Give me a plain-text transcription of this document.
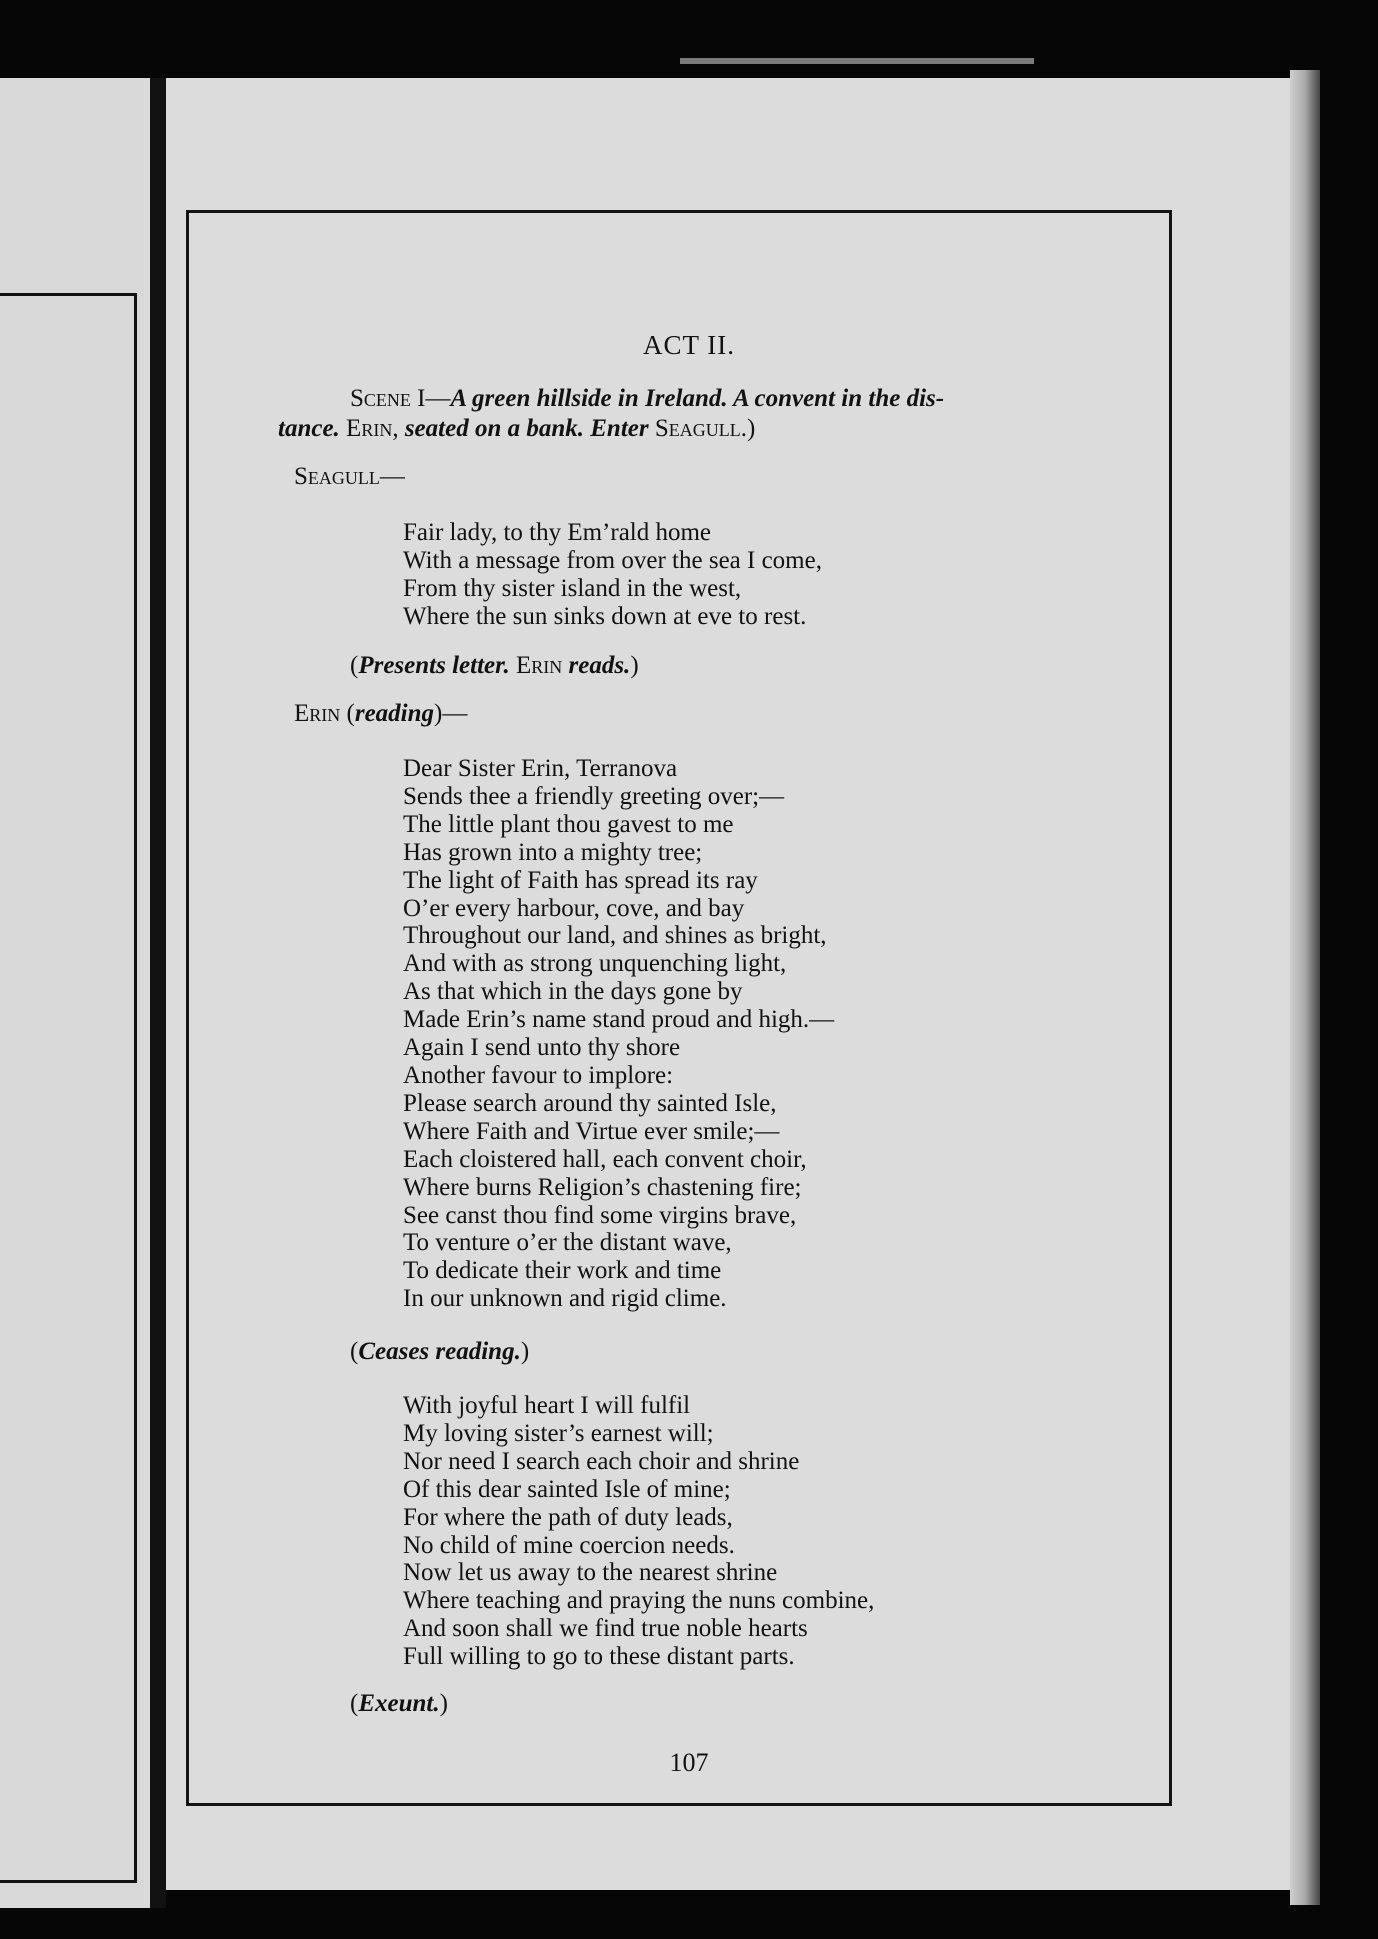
ACT II.
Scene I—A green hillside in Ireland. A convent in the dis-
tance. Erin, seated on a bank. Enter Seagull.)
Seagull—
Fair lady, to thy Em’rald home
With a message from over the sea I come,
From thy sister island in the west,
Where the sun sinks down at eve to rest.
(Presents letter. Erin reads.)
Erin (reading)—
Dear Sister Erin, Terranova
Sends thee a friendly greeting over;—
The little plant thou gavest to me
Has grown into a mighty tree;
The light of Faith has spread its ray
O’er every harbour, cove, and bay
Throughout our land, and shines as bright,
And with as strong unquenching light,
As that which in the days gone by
Made Erin’s name stand proud and high.—
Again I send unto thy shore
Another favour to implore:
Please search around thy sainted Isle,
Where Faith and Virtue ever smile;—
Each cloistered hall, each convent choir,
Where burns Religion’s chastening fire;
See canst thou find some virgins brave,
To venture o’er the distant wave,
To dedicate their work and time
In our unknown and rigid clime.
(Ceases reading.)
With joyful heart I will fulfil
My loving sister’s earnest will;
Nor need I search each choir and shrine
Of this dear sainted Isle of mine;
For where the path of duty leads,
No child of mine coercion needs.
Now let us away to the nearest shrine
Where teaching and praying the nuns combine,
And soon shall we find true noble hearts
Full willing to go to these distant parts.
(Exeunt.)
107
